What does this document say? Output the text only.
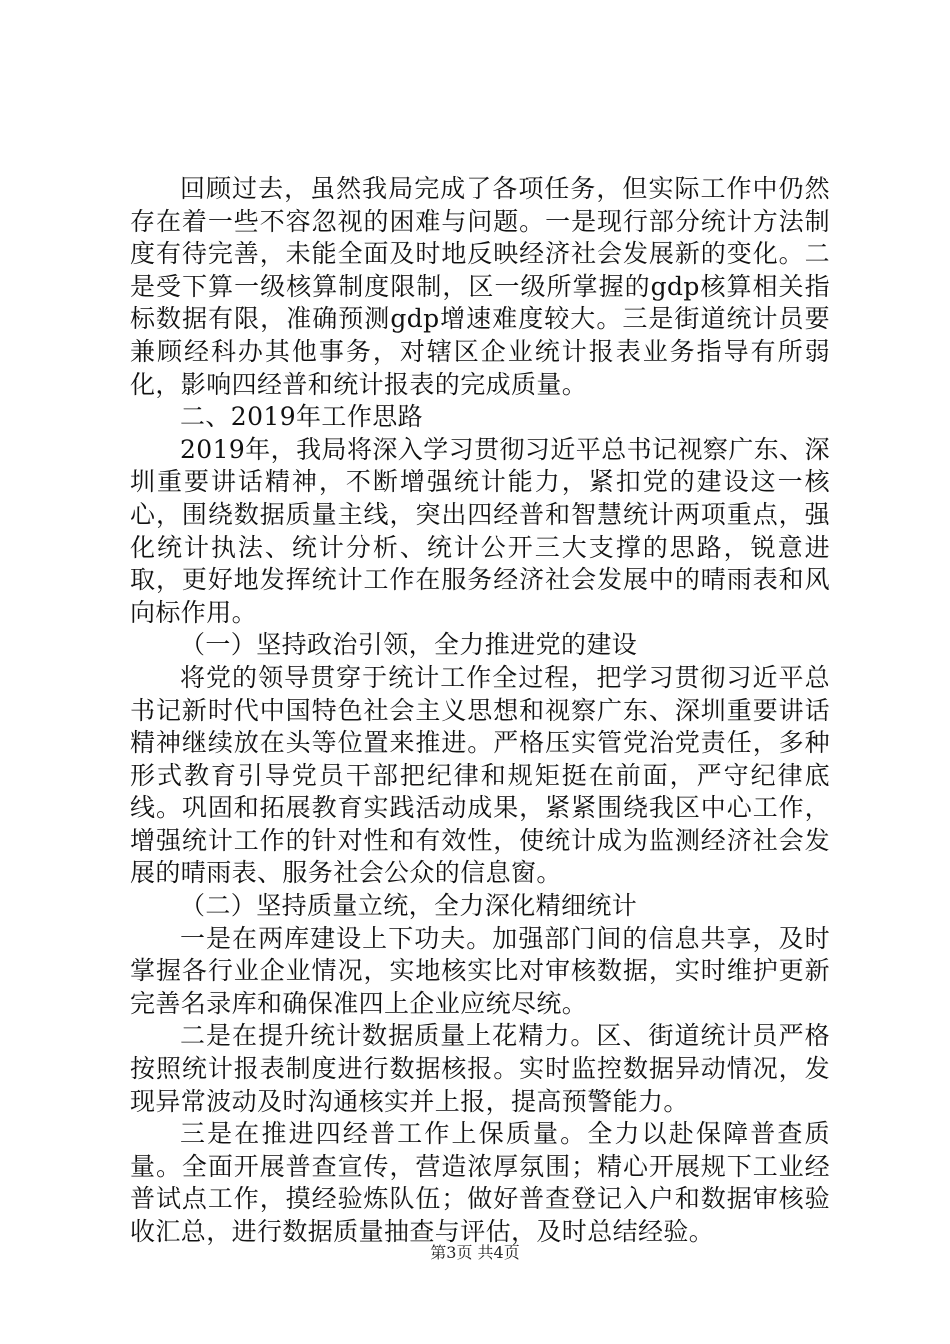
回顾过去，虽然我局完成了各项任务，但实际工作中仍然存在着一些不容忽视的困难与问题。一是现行部分统计方法制度有待完善，未能全面及时地反映经济社会发展新的变化。二是受下算一级核算制度限制，区一级所掌握的gdp核算相关指标数据有限，准确预测gdp增速难度较大。三是街道统计员要兼顾经科办其他事务，对辖区企业统计报表业务指导有所弱化，影响四经普和统计报表的完成质量。

二、2019年工作思路

2019年，我局将深入学习贯彻习近平总书记视察广东、深圳重要讲话精神，不断增强统计能力，紧扣党的建设这一核心，围绕数据质量主线，突出四经普和智慧统计两项重点，强化统计执法、统计分析、统计公开三大支撑的思路，锐意进取，更好地发挥统计工作在服务经济社会发展中的晴雨表和风向标作用。

（一）坚持政治引领，全力推进党的建设

将党的领导贯穿于统计工作全过程，把学习贯彻习近平总书记新时代中国特色社会主义思想和视察广东、深圳重要讲话精神继续放在头等位置来推进。严格压实管党治党责任，多种形式教育引导党员干部把纪律和规矩挺在前面，严守纪律底线。巩固和拓展教育实践活动成果，紧紧围绕我区中心工作，增强统计工作的针对性和有效性，使统计成为监测经济社会发展的晴雨表、服务社会公众的信息窗。

（二）坚持质量立统，全力深化精细统计

一是在两库建设上下功夫。加强部门间的信息共享，及时掌握各行业企业情况，实地核实比对审核数据，实时维护更新完善名录库和确保准四上企业应统尽统。

二是在提升统计数据质量上花精力。区、街道统计员严格按照统计报表制度进行数据核报。实时监控数据异动情况，发现异常波动及时沟通核实并上报，提高预警能力。

三是在推进四经普工作上保质量。全力以赴保障普查质量。全面开展普查宣传，营造浓厚氛围；精心开展规下工业经普试点工作，摸经验炼队伍；做好普查登记入户和数据审核验收汇总，进行数据质量抽查与评估，及时总结经验。

第3页 共4页
